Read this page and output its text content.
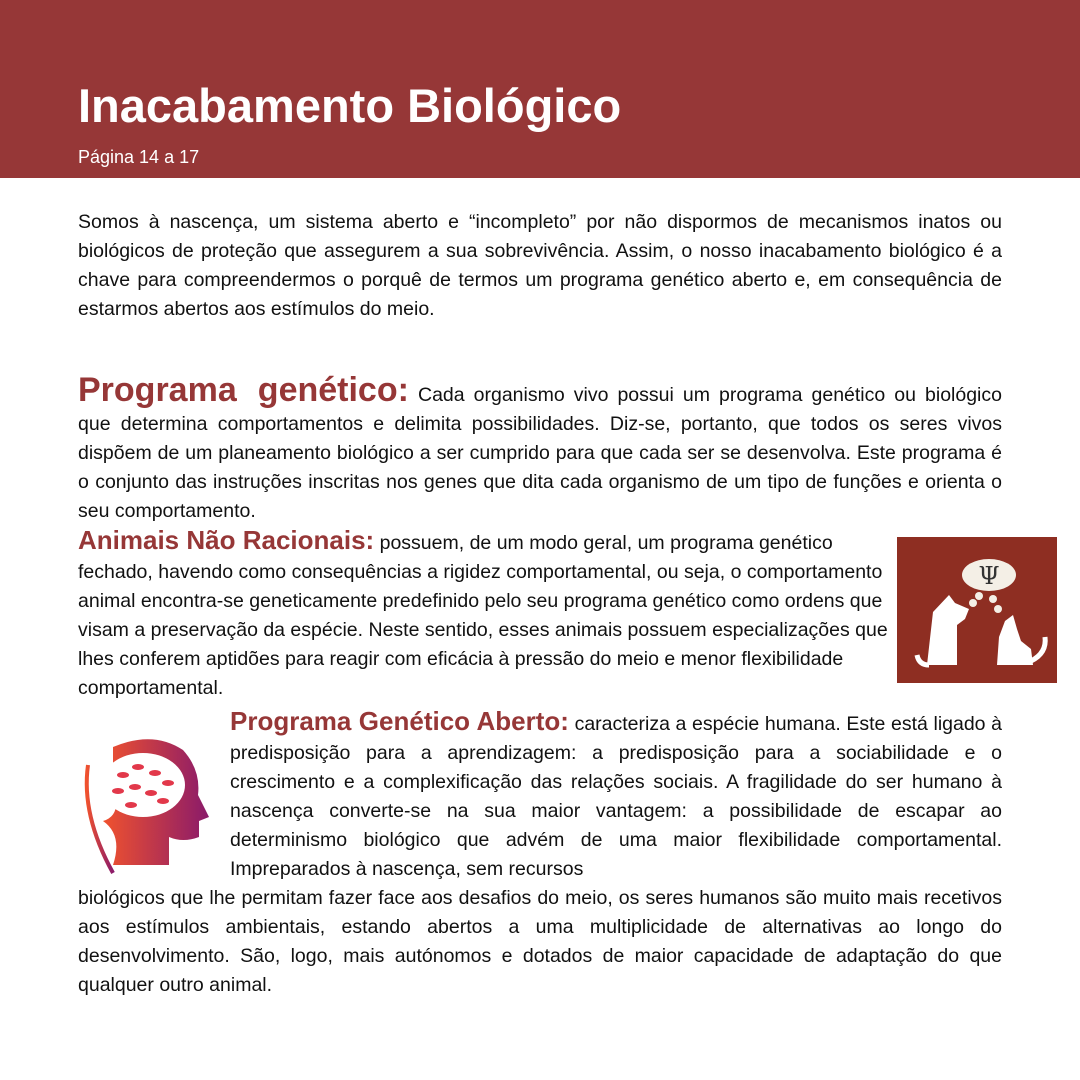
Inacabamento Biológico
Página 14 a 17

Somos à nascença, um sistema aberto e “incompleto” por não dispormos de mecanismos inatos ou biológicos de proteção que assegurem a sua sobrevivência. Assim, o nosso inacabamento biológico é a chave para compreendermos o porquê de termos um programa genético aberto e, em consequência de estarmos abertos aos estímulos do meio.

Programa genético: Cada organismo vivo possui um programa genético ou biológico que determina comportamentos e delimita possibilidades. Diz-se, portanto, que todos os seres vivos dispõem de um planeamento biológico a ser cumprido para que cada ser se desenvolva. Este programa é o conjunto das instruções inscritas nos genes que dita cada organismo de um tipo de funções e orienta o seu comportamento.

Animais Não Racionais: possuem, de um modo geral, um programa genético fechado, havendo como consequências a rigidez comportamental, ou seja, o comportamento animal encontra-se geneticamente predefinido pelo seu programa genético como ordens que visam a preservação da espécie. Neste sentido, esses animais possuem especializações que lhes conferem aptidões para reagir com eficácia à pressão do meio e menor flexibilidade comportamental.

Ψ

Programa Genético Aberto: caracteriza a espécie humana. Este está ligado à predisposição para a aprendizagem: a predisposição para a sociabilidade e o crescimento e a complexificação das relações sociais. A fragilidade do ser humano à nascença converte-se na sua maior vantagem: a possibilidade de escapar ao determinismo biológico que advém de uma maior flexibilidade comportamental. Impreparados à nascença, sem recursos

biológicos que lhe permitam fazer face aos desafios do meio, os seres humanos são muito mais recetivos aos estímulos ambientais, estando abertos a uma multiplicidade de alternativas ao longo do desenvolvimento. São, logo, mais autónomos e dotados de maior capacidade de adaptação do que qualquer outro animal.
